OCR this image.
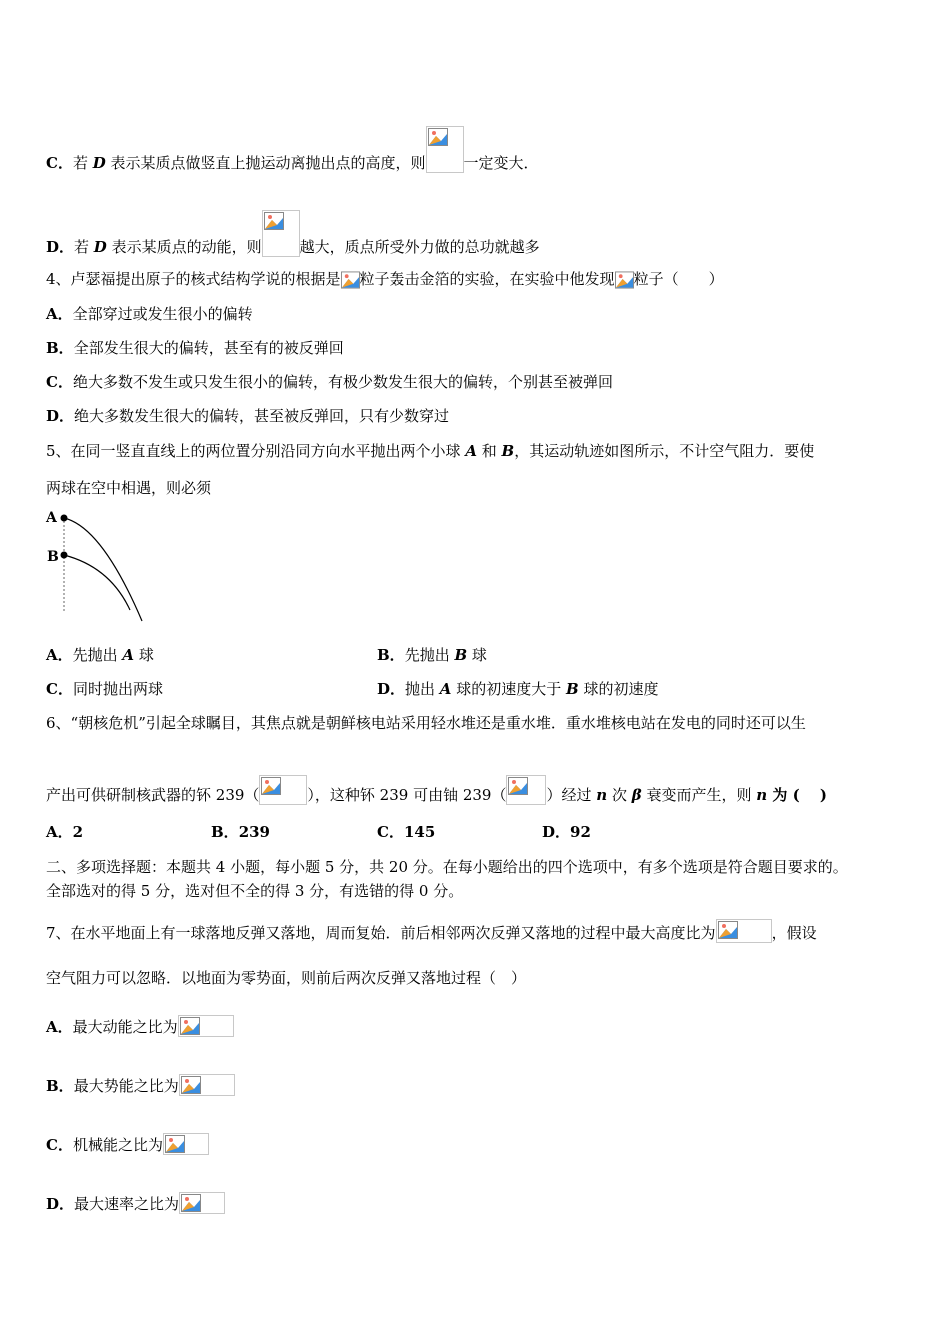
C．若 D 表示某质点做竖直上抛运动离抛出点的高度，则	一定变大．
D．若 D 表示某质点的动能，则	越大，质点所受外力做的总功就越多
4、卢瑟福提出原子的核式结构学说的根据是 粒子轰击金箔的实验，在实验中他发现 粒子（　　）
A．全部穿过或发生很小的偏转
B．全部发生很大的偏转，甚至有的被反弹回
C．绝大多数不发生或只发生很小的偏转，有极少数发生很大的偏转，个别甚至被弹回
D．绝大多数发生很大的偏转，甚至被反弹回，只有少数穿过
5、在同一竖直直线上的两位置分别沿同方向水平抛出两个小球 A 和 B，其运动轨迹如图所示，不计空气阻力．要使
两球在空中相遇，则必须
A
B
A．先抛出 A 球	B．先抛出 B 球
C．同时抛出两球	D．抛出 A 球的初速度大于 B 球的初速度
6、“朝核危机”引起全球瞩目，其焦点就是朝鲜核电站采用轻水堆还是重水堆．重水堆核电站在发电的同时还可以生
产出可供研制核武器的钚 239（	），这种钚 239 可由铀 239（	）经过 n 次 β 衰变而产生，则 n 为 (　 )
A．2	B．239	C．145	D．92
二、多项选择题：本题共 4 小题，每小题 5 分，共 20 分。在每小题给出的四个选项中，有多个选项是符合题目要求的。
全部选对的得 5 分，选对但不全的得 3 分，有选错的得 0 分。
7、在水平地面上有一球落地反弹又落地，周而复始．前后相邻两次反弹又落地的过程中最大高度比为	，假设
空气阻力可以忽略．以地面为零势面，则前后两次反弹又落地过程（　）
A．最大动能之比为
B．最大势能之比为
C．机械能之比为
D．最大速率之比为
